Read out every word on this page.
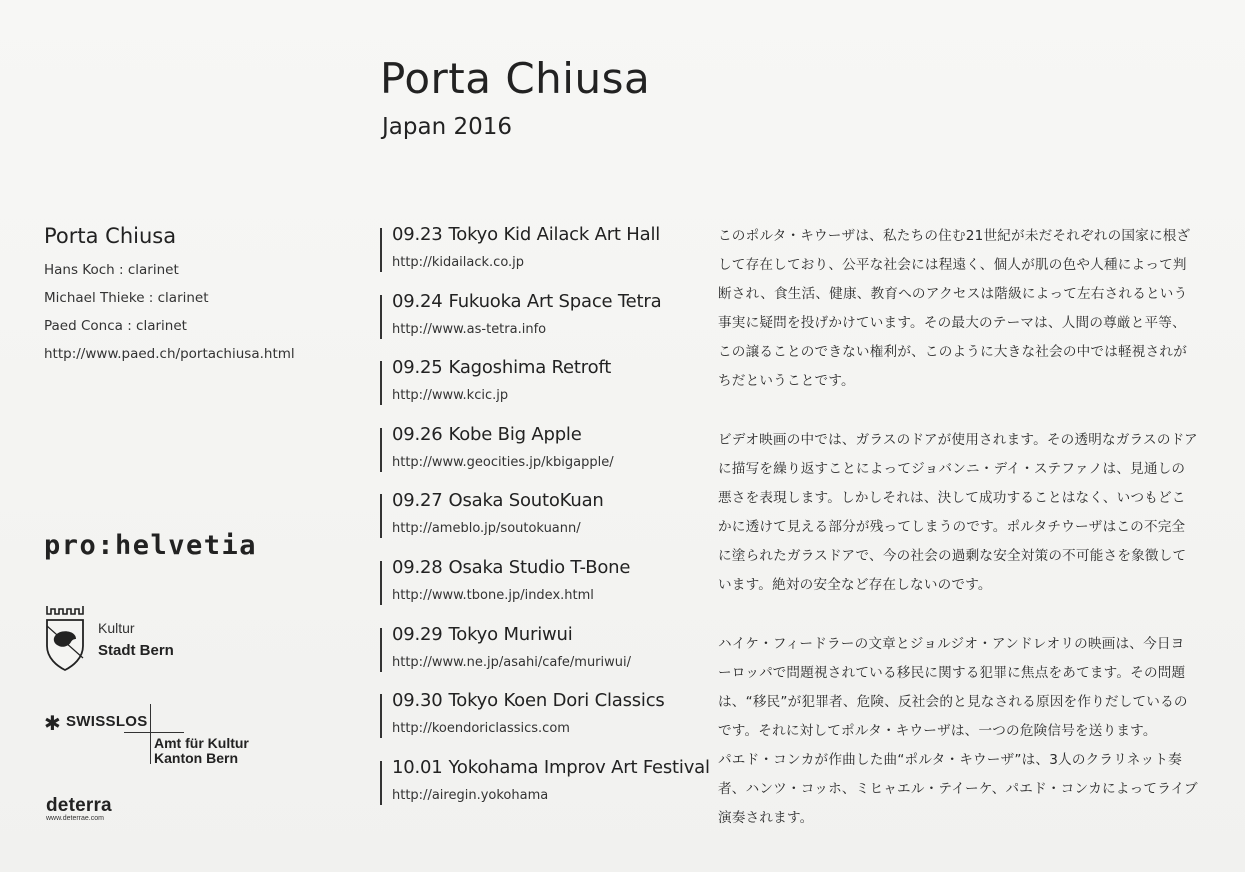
Porta Chiusa
Japan 2016
Porta Chiusa
Hans Koch : clarinet
Michael Thieke : clarinet
Paed Conca : clarinet
http://www.paed.ch/portachiusa.html
pro:helvetia
Kultur
Stadt Bern
✱ SWISSLOS
Amt für Kultur
Kanton Bern
deterra
www.deterrae.com
09.23 Tokyo Kid Ailack Art Hall
http://kidailack.co.jp
09.24 Fukuoka Art Space Tetra
http://www.as-tetra.info
09.25 Kagoshima Retroft
http://www.kcic.jp
09.26 Kobe Big Apple
http://www.geocities.jp/kbigapple/
09.27 Osaka SoutoKuan
http://ameblo.jp/soutokuann/
09.28 Osaka Studio T-Bone
http://www.tbone.jp/index.html
09.29 Tokyo Muriwui
http://www.ne.jp/asahi/cafe/muriwui/
09.30 Tokyo Koen Dori Classics
http://koendoriclassics.com
10.01 Yokohama Improv Art Festival
http://airegin.yokohama

このポルタ・キウーザは、私たちの住む21世紀が未だそれぞれの国家に根ざして存在しており、公平な社会には程遠く、個人が肌の色や人種によって判断され、食生活、健康、教育へのアクセスは階級によって左右されるという事実に疑問を投げかけています。その最大のテーマは、人間の尊厳と平等、この譲ることのできない権利が、このように大きな社会の中では軽視されがちだということです。

ビデオ映画の中では、ガラスのドアが使用されます。その透明なガラスのドアに描写を繰り返すことによってジョバンニ・デイ・ステファノは、見通しの悪さを表現します。しかしそれは、決して成功することはなく、いつもどこかに透けて見える部分が残ってしまうのです。ポルタチウーザはこの不完全に塗られたガラスドアで、今の社会の過剰な安全対策の不可能さを象徴しています。絶対の安全など存在しないのです。

ハイケ・フィードラーの文章とジョルジオ・アンドレオリの映画は、今日ヨーロッパで問題視されている移民に関する犯罪に焦点をあてます。その問題は、“移民”が犯罪者、危険、反社会的と見なされる原因を作りだしているのです。それに対してポルタ・キウーザは、一つの危険信号を送ります。

パエド・コンカが作曲した曲“ポルタ・キウーザ”は、3人のクラリネット奏者、ハンツ・コッホ、ミヒャエル・テイーケ、パエド・コンカによってライブ演奏されます。
